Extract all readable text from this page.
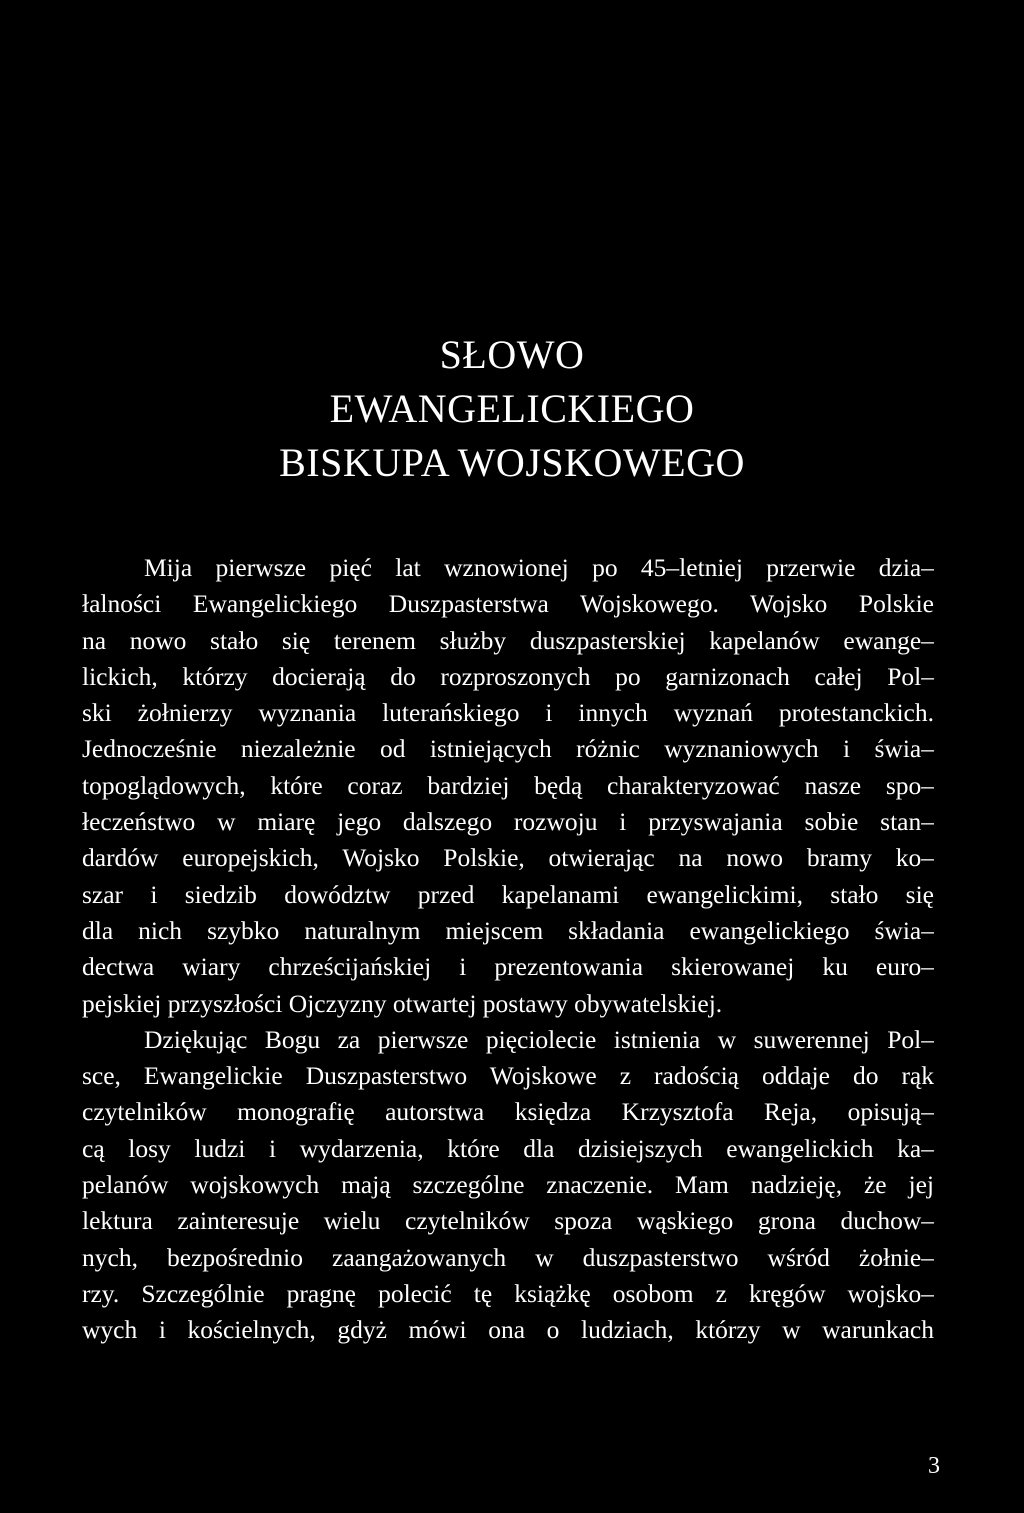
SŁOWO
EWANGELICKIEGO
BISKUPA WOJSKOWEGO
Mija pierwsze pięć lat wznowionej po 45–letniej przerwie dzia–
łalności Ewangelickiego Duszpasterstwa Wojskowego. Wojsko Polskie
na nowo stało się terenem służby duszpasterskiej kapelanów ewange–
lickich, którzy docierają do rozproszonych po garnizonach całej Pol–
ski żołnierzy wyznania luterańskiego i innych wyznań protestanckich.
Jednocześnie niezależnie od istniejących różnic wyznaniowych i świa–
topoglądowych, które coraz bardziej będą charakteryzować nasze spo–
łeczeństwo w miarę jego dalszego rozwoju i przyswajania sobie stan–
dardów europejskich, Wojsko Polskie, otwierając na nowo bramy ko–
szar i siedzib dowództw przed kapelanami ewangelickimi, stało się
dla nich szybko naturalnym miejscem składania ewangelickiego świa–
dectwa wiary chrześcijańskiej i prezentowania skierowanej ku euro–
pejskiej przyszłości Ojczyzny otwartej postawy obywatelskiej.
Dziękując Bogu za pierwsze pięciolecie istnienia w suwerennej Pol–
sce, Ewangelickie Duszpasterstwo Wojskowe z radością oddaje do rąk
czytelników monografię autorstwa księdza Krzysztofa Reja, opisują–
cą losy ludzi i wydarzenia, które dla dzisiejszych ewangelickich ka–
pelanów wojskowych mają szczególne znaczenie. Mam nadzieję, że jej
lektura zainteresuje wielu czytelników spoza wąskiego grona duchow–
nych, bezpośrednio zaangażowanych w duszpasterstwo wśród żołnie–
rzy. Szczególnie pragnę polecić tę książkę osobom z kręgów wojsko–
wych i kościelnych, gdyż mówi ona o ludziach, którzy w warunkach
3
